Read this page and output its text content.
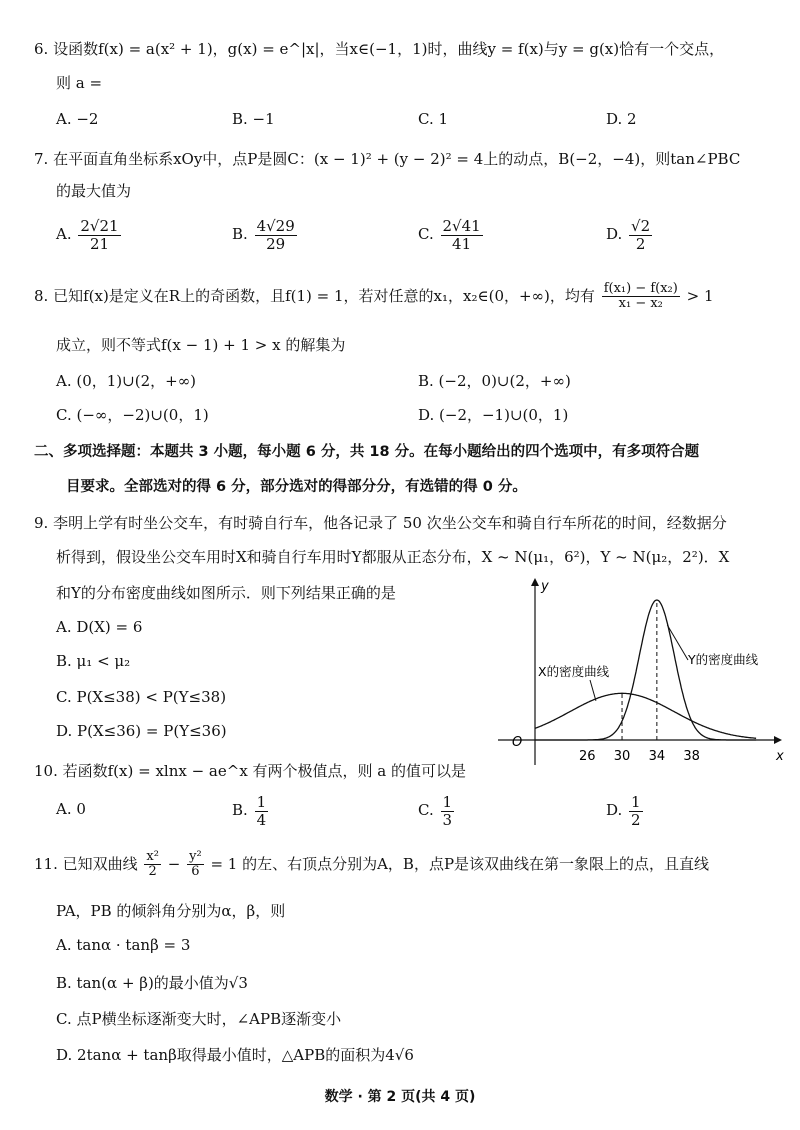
6. 设函数f(x) = a(x² + 1)，g(x) = e^|x|，当x∈(−1，1)时，曲线y = f(x)与y = g(x)恰有一个交点，
则 a =
A. −2	B. −1	C. 1	D. 2
7. 在平面直角坐标系xOy中，点P是圆C：(x − 1)² + (y − 2)² = 4上的动点，B(−2，−4)，则tan∠PBC
的最大值为
A. $\frac{2√21}{21}$	B. $\frac{4√29}{29}$	C. $\frac{2√41}{41}$	D. $\frac{√2}{2}$
8. 已知f(x)是定义在R上的奇函数，且f(1) = 1，若对任意的x₁，x₂∈(0，+∞)，均有 $\frac{\text{f(x₁) − f(x₂)}}{\text{x₁ − x₂}} > 1$
成立，则不等式f(x − 1) + 1 > x 的解集为
A. (0，1)∪(2，+∞)	B. (−2，0)∪(2，+∞)
C. (−∞，−2)∪(0，1)	D. (−2，−1)∪(0，1)
二、多项选择题：本题共 3 小题，每小题 6 分，共 18 分。在每小题给出的四个选项中，有多项符合题
目要求。全部选对的得 6 分，部分选对的得部分分，有选错的得 0 分。
9. 李明上学有时坐公交车，有时骑自行车，他各记录了 50 次坐公交车和骑自行车所花的时间，经数据分
析得到，假设坐公交车用时X和骑自行车用时Y都服从正态分布，X ~ N(μ₁，6²)，Y ~ N(μ₂，2²)．X
和Y的分布密度曲线如图所示．则下列结果正确的是
A. D(X) = 6
B. μ₁ < μ₂
C. P(X≤38) < P(Y≤38)
D. P(X≤36) = P(Y≤36)
y
x
O
26 30 34 38
X的密度曲线
Y的密度曲线
10. 若函数f(x) = xlnx − ae^x 有两个极值点，则 a 的值可以是
A. 0	B. $\frac{1}{4}$	C. $\frac{1}{3}$	D. $\frac{1}{2}$
11. 已知双曲线 $\frac{\text{x²}}{2} - \frac{\text{y²}}{6} = 1$ 的左、右顶点分别为A，B，点P是该双曲线在第一象限上的点，且直线
PA，PB 的倾斜角分别为α，β，则
A. tanα · tanβ = 3
B. tan(α + β)的最小值为√3
C. 点P横坐标逐渐变大时，∠APB逐渐变小
D. 2tanα + tanβ取得最小值时，△APB的面积为4√6
数学 · 第 2 页(共 4 页)
